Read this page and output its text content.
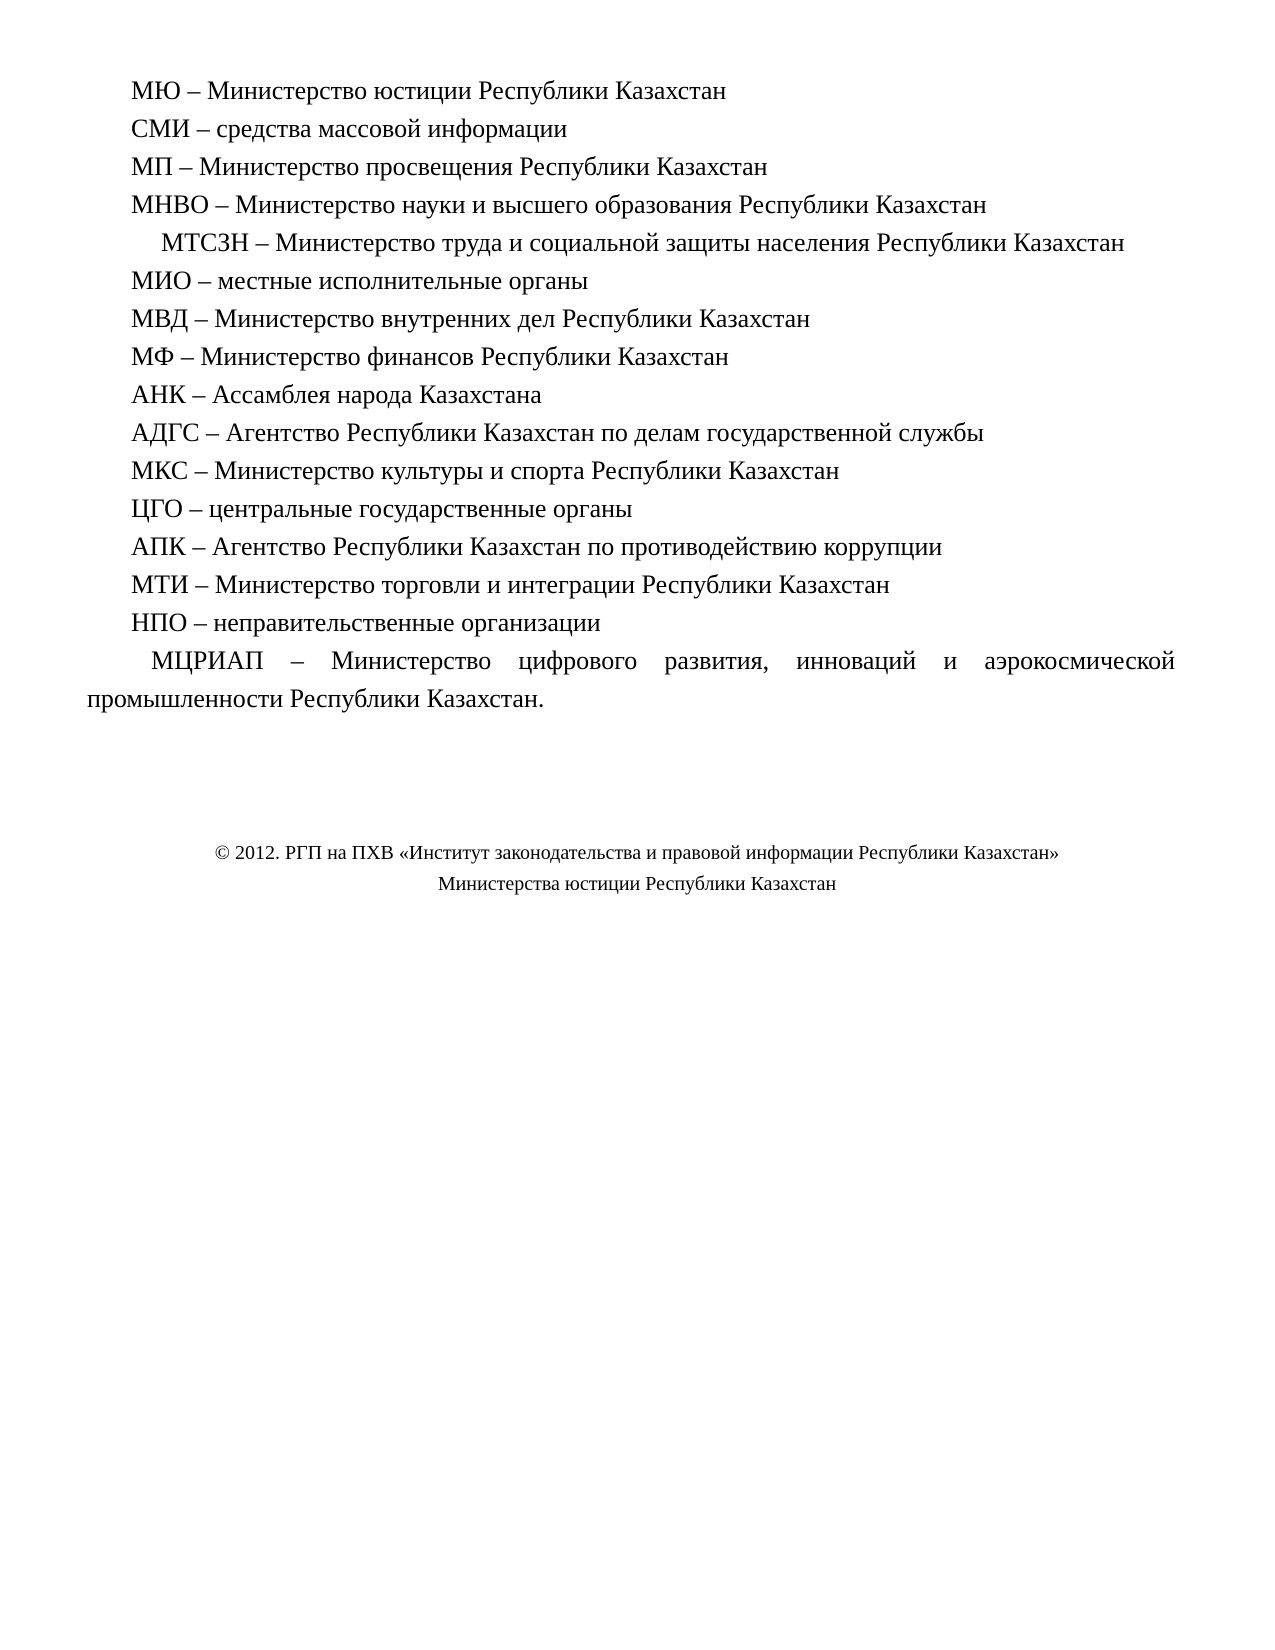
МЮ – Министерство юстиции Республики Казахстан

СМИ – средства массовой информации

МП – Министерство просвещения Республики Казахстан

МНВО – Министерство науки и высшего образования Республики Казахстан

МТСЗН – Министерство труда и социальной защиты населения Республики Казахстан

МИО – местные исполнительные органы

МВД – Министерство внутренних дел Республики Казахстан

МФ – Министерство финансов Республики Казахстан

АНК – Ассамблея народа Казахстана

АДГС – Агентство Республики Казахстан по делам государственной службы

МКС – Министерство культуры и спорта Республики Казахстан

ЦГО – центральные государственные органы

АПК – Агентство Республики Казахстан по противодействию коррупции

МТИ – Министерство торговли и интеграции Республики Казахстан

НПО – неправительственные организации

МЦРИАП – Министерство цифрового развития, инноваций и аэрокосмической промышленности Республики Казахстан.

© 2012. РГП на ПХВ «Институт законодательства и правовой информации Республики Казахстан»

Министерства юстиции Республики Казахстан
